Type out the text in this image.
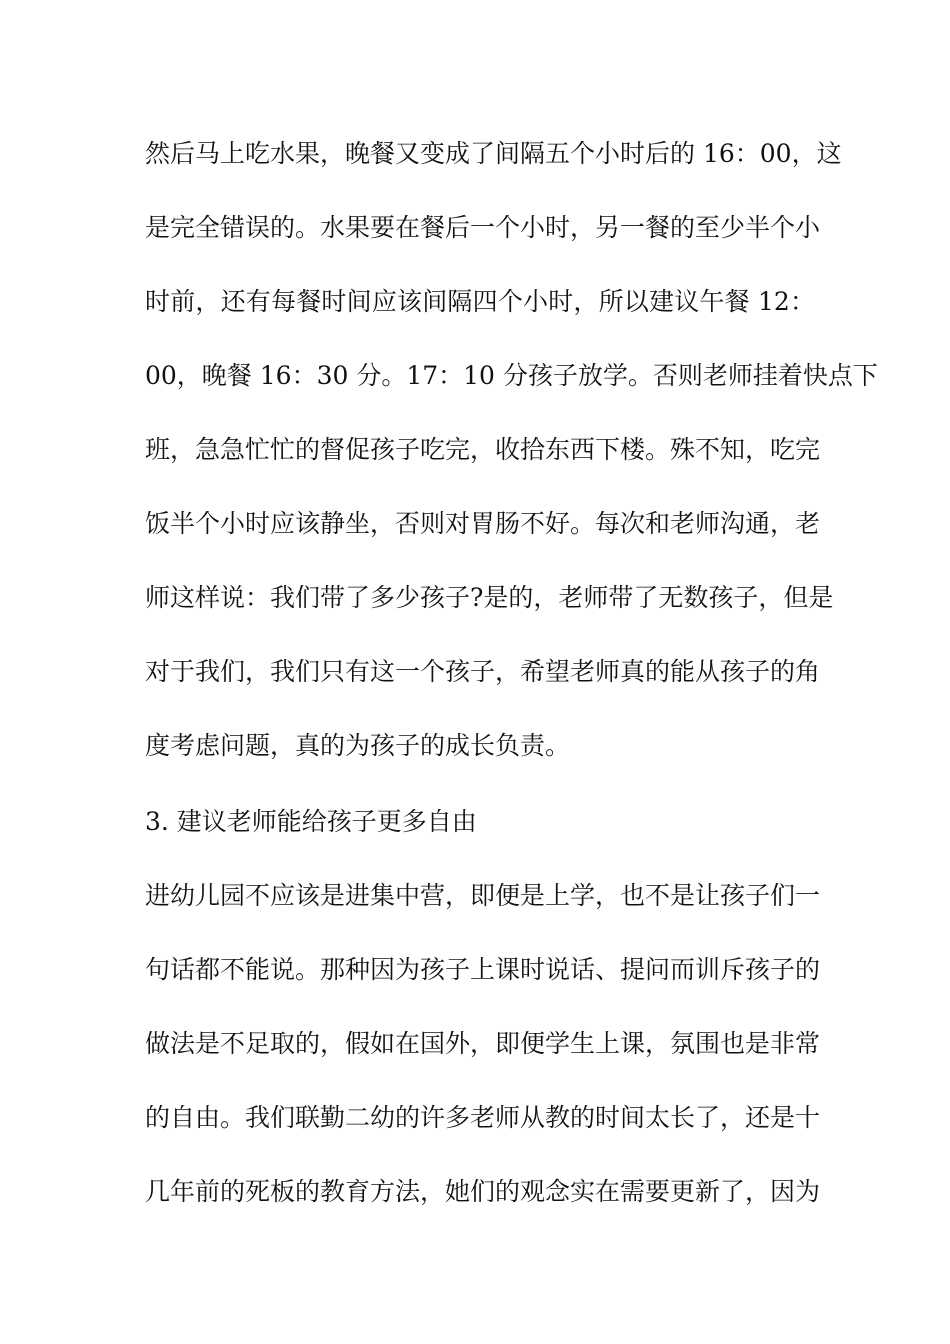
然后马上吃水果，晚餐又变成了间隔五个小时后的 16：00，这
是完全错误的。水果要在餐后一个小时，另一餐的至少半个小
时前，还有每餐时间应该间隔四个小时，所以建议午餐 12：
00，晚餐 16：30 分。17：10 分孩子放学。否则老师挂着快点下
班，急急忙忙的督促孩子吃完，收拾东西下楼。殊不知，吃完
饭半个小时应该静坐，否则对胃肠不好。每次和老师沟通，老
师这样说：我们带了多少孩子?是的，老师带了无数孩子，但是
对于我们，我们只有这一个孩子，希望老师真的能从孩子的角
度考虑问题，真的为孩子的成长负责。
3. 建议老师能给孩子更多自由
进幼儿园不应该是进集中营，即便是上学，也不是让孩子们一
句话都不能说。那种因为孩子上课时说话、提问而训斥孩子的
做法是不足取的，假如在国外，即便学生上课，氛围也是非常
的自由。我们联勤二幼的许多老师从教的时间太长了，还是十
几年前的死板的教育方法，她们的观念实在需要更新了，因为
